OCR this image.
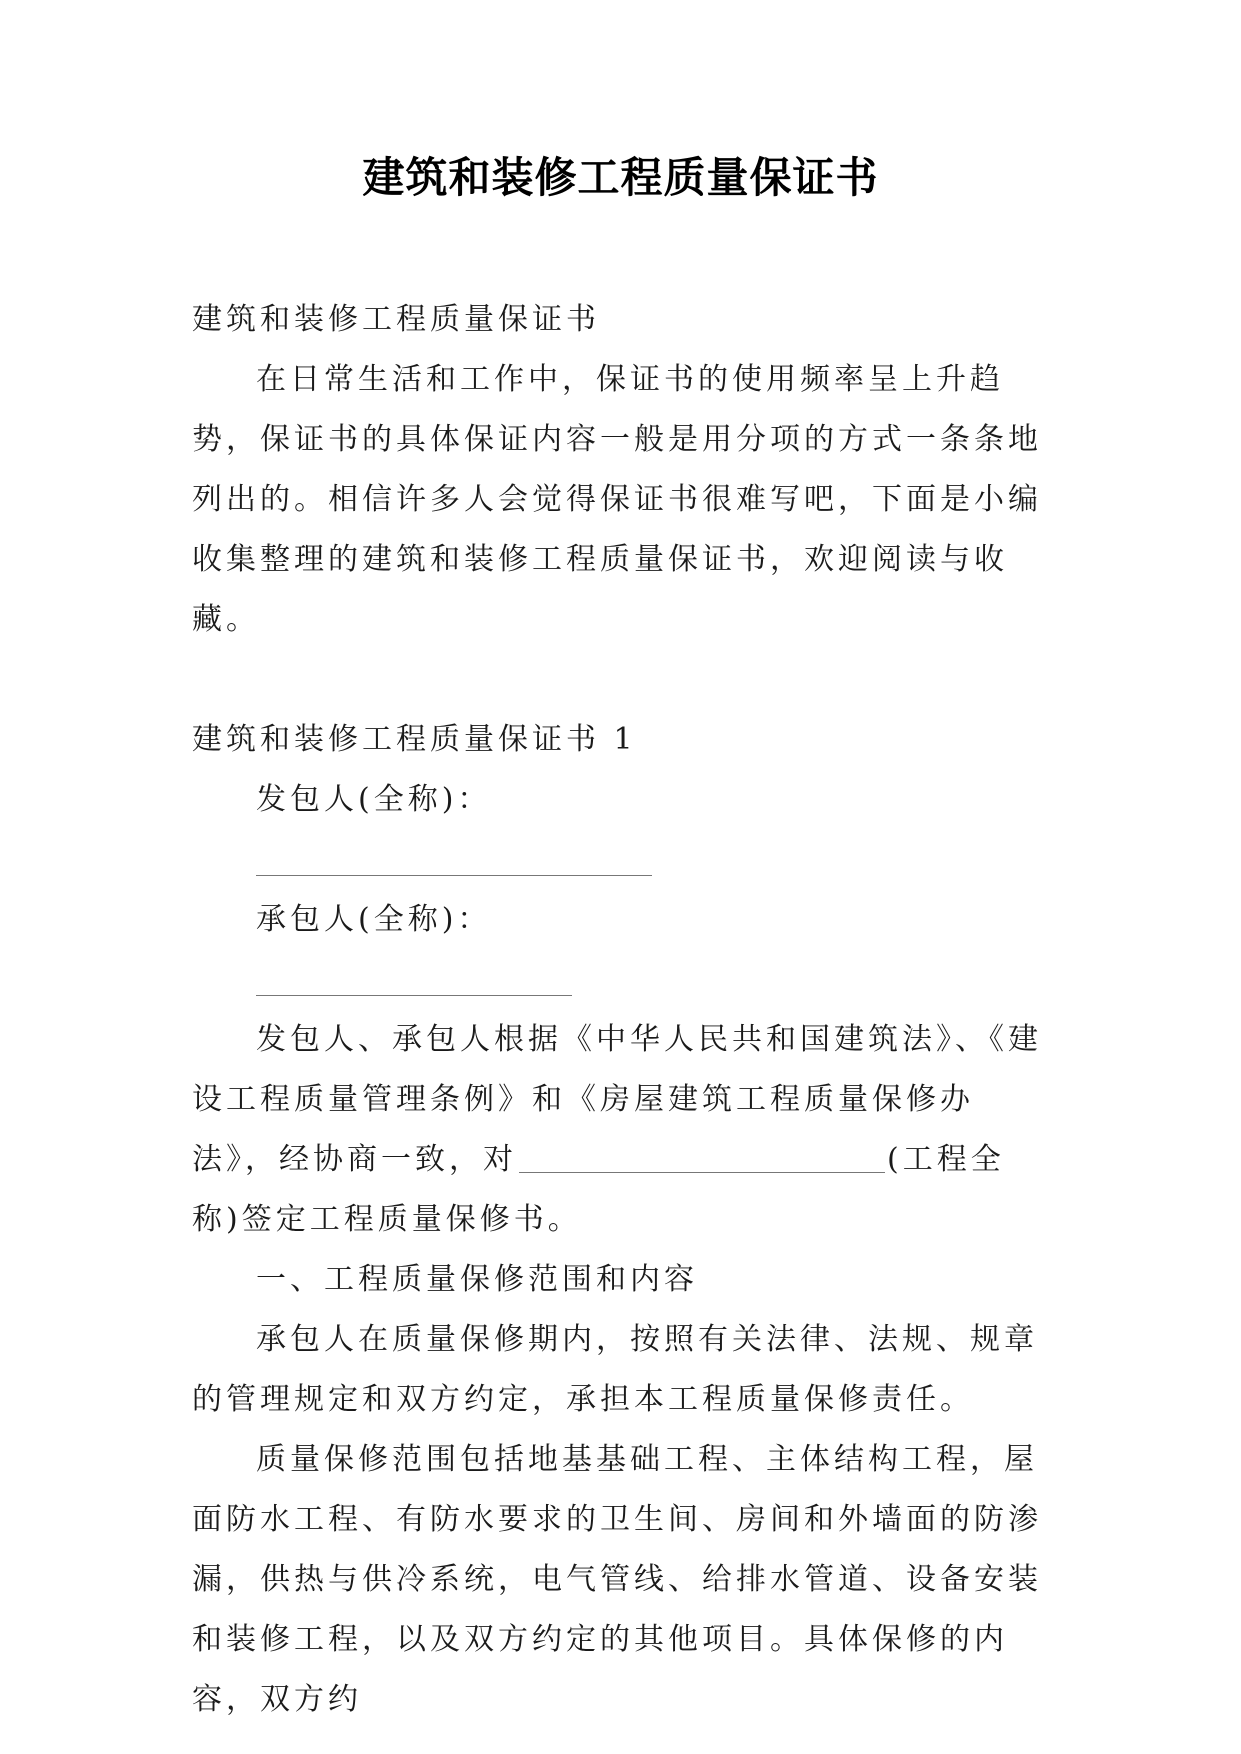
建筑和装修工程质量保证书

建筑和装修工程质量保证书

在日常生活和工作中，保证书的使用频率呈上升趋势，保证书的具体保证内容一般是用分项的方式一条条地列出的。相信许多人会觉得保证书很难写吧，下面是小编收集整理的建筑和装修工程质量保证书，欢迎阅读与收藏。

建筑和装修工程质量保证书 1

发包人(全称)：

承包人(全称)：

发包人、承包人根据《中华人民共和国建筑法》、《建设工程质量管理条例》和《房屋建筑工程质量保修办法》，经协商一致，对	(工程全称)签定工程质量保修书。

一、工程质量保修范围和内容

承包人在质量保修期内，按照有关法律、法规、规章的管理规定和双方约定，承担本工程质量保修责任。

质量保修范围包括地基基础工程、主体结构工程，屋面防水工程、有防水要求的卫生间、房间和外墙面的防渗漏，供热与供冷系统，电气管线、给排水管道、设备安装和装修工程，以及双方约定的其他项目。具体保修的内容，双方约
